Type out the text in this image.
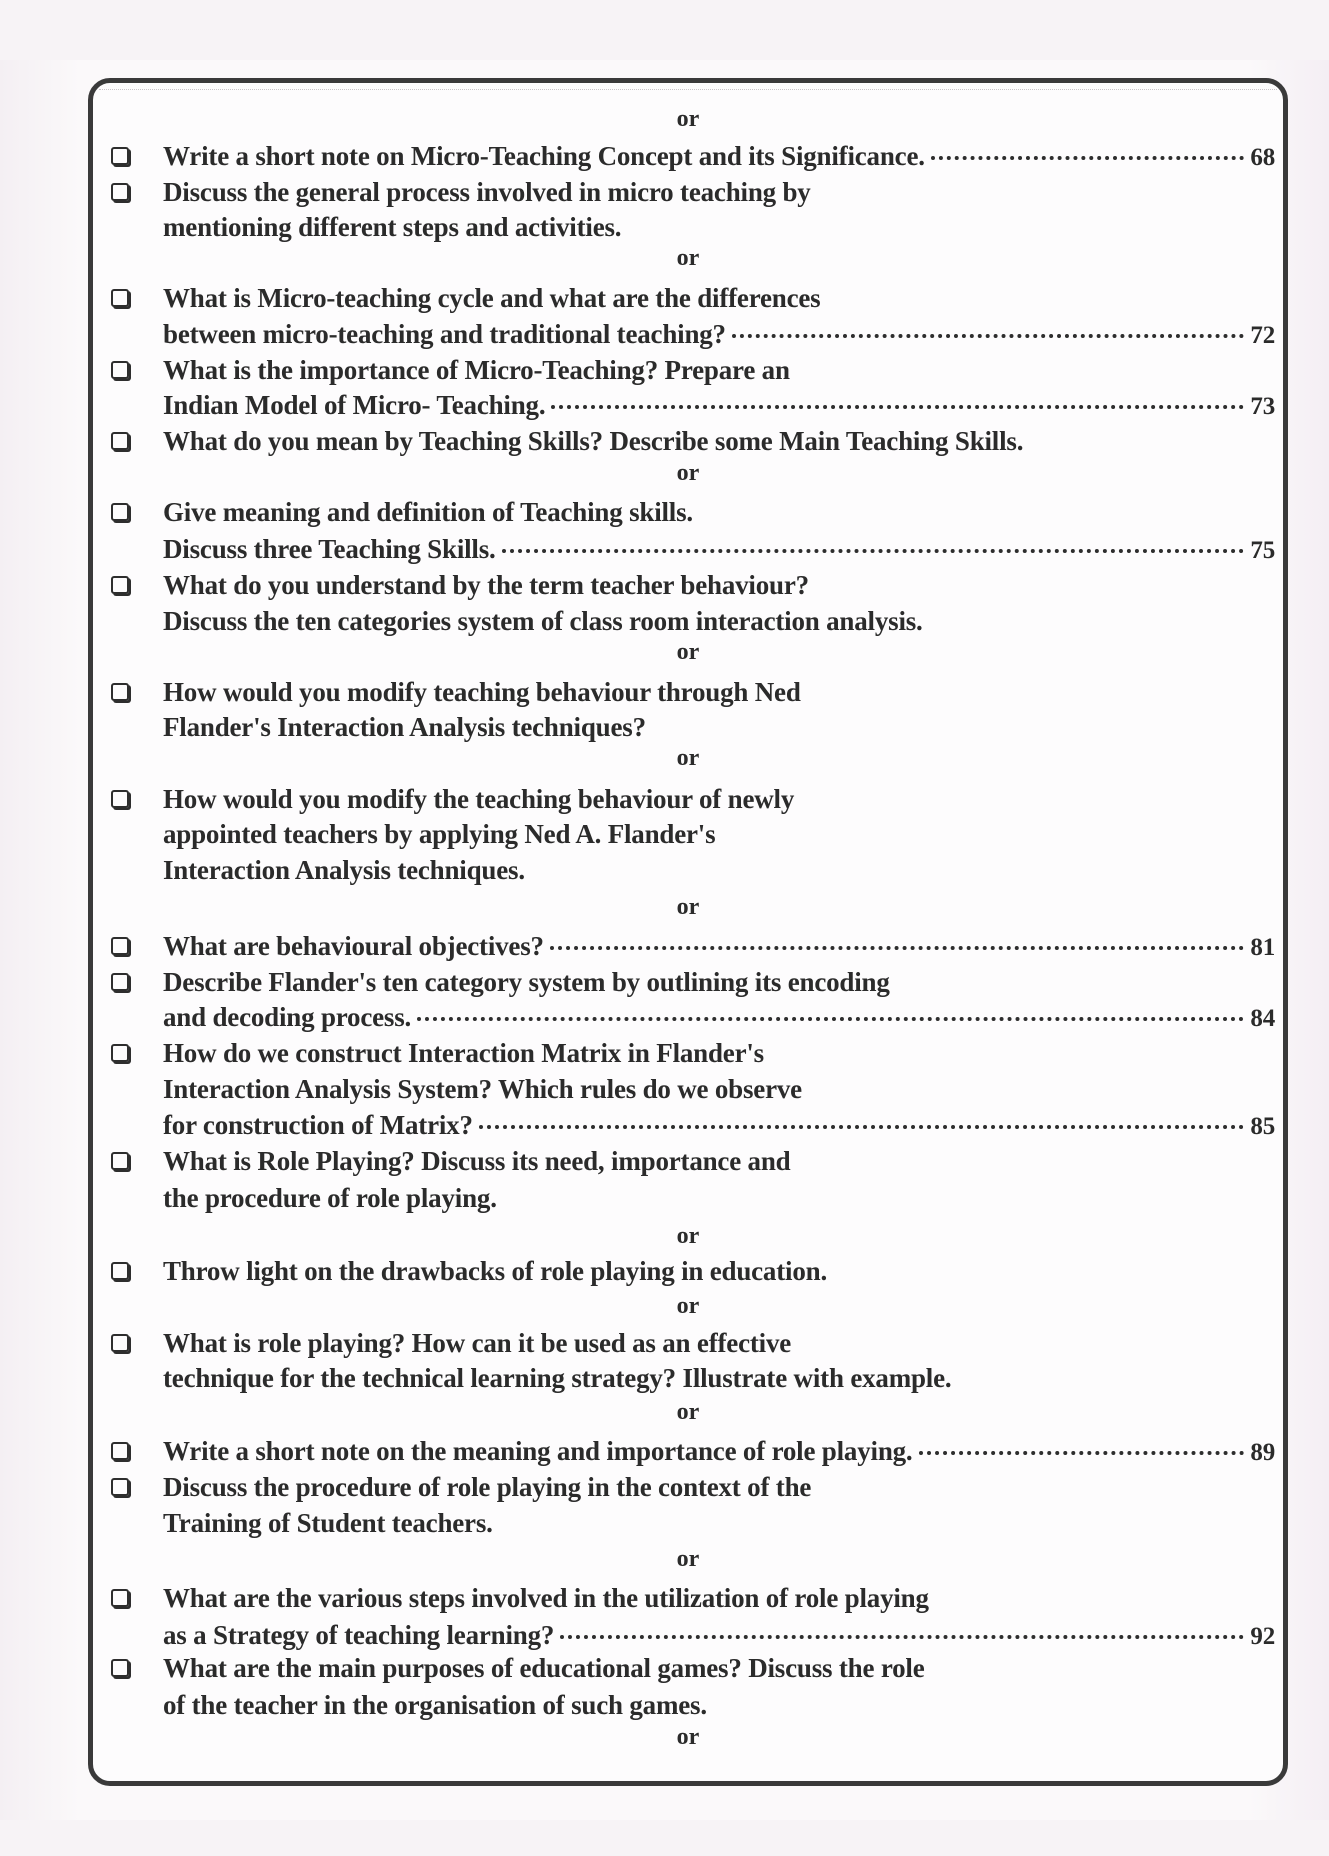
or
Write a short note on Micro-Teaching Concept and its Significance.	68
Discuss the general process involved in micro teaching by
mentioning different steps and activities.
or
What is Micro-teaching cycle and what are the differences
between micro-teaching and traditional teaching?	72
What is the importance of Micro-Teaching? Prepare an
Indian Model of Micro- Teaching.	73
What do you mean by Teaching Skills? Describe some Main Teaching Skills.
or
Give meaning and definition of Teaching skills.
Discuss three Teaching Skills.	75
What do you understand by the term teacher behaviour?
Discuss the ten categories system of class room interaction analysis.
or
How would you modify teaching behaviour through Ned
Flander's Interaction Analysis techniques?
or
How would you modify the teaching behaviour of newly
appointed teachers by applying Ned A. Flander's
Interaction Analysis techniques.
or
What are behavioural objectives?	81
Describe Flander's ten category system by outlining its encoding
and decoding process.	84
How do we construct Interaction Matrix in Flander's
Interaction Analysis System? Which rules do we observe
for construction of Matrix?	85
What is Role Playing? Discuss its need, importance and
the procedure of role playing.
or
Throw light on the drawbacks of role playing in education.
or
What is role playing? How can it be used as an effective
technique for the technical learning strategy? Illustrate with example.
or
Write a short note on the meaning and importance of role playing.	89
Discuss the procedure of role playing in the context of the
Training of Student teachers.
or
What are the various steps involved in the utilization of role playing
as a Strategy of teaching learning?	92
What are the main purposes of educational games? Discuss the role
of the teacher in the organisation of such games.
or
